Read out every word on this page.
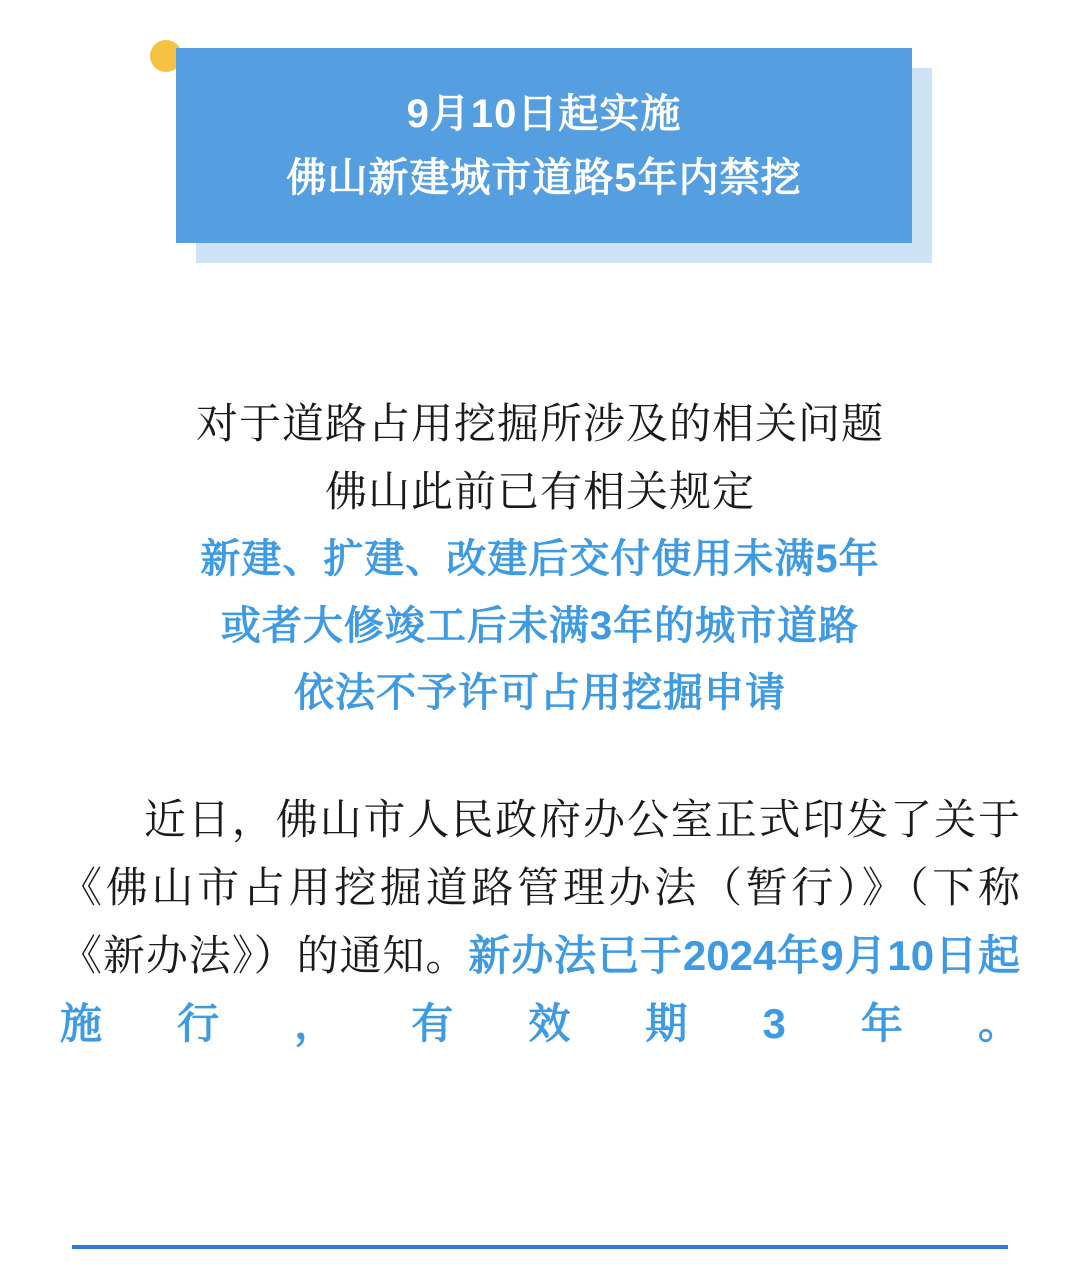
9月10日起实施
佛山新建城市道路5年内禁挖
对于道路占用挖掘所涉及的相关问题
佛山此前已有相关规定
新建、扩建、改建后交付使用未满5年
或者大修竣工后未满3年的城市道路
依法不予许可占用挖掘申请

近日，佛山市人民政府办公室正式印发了关于《佛山市占用挖掘道路管理办法（暂行）》（下称《新办法》）的通知。新办法已于2024年9月10日起施行，有效期3年。
